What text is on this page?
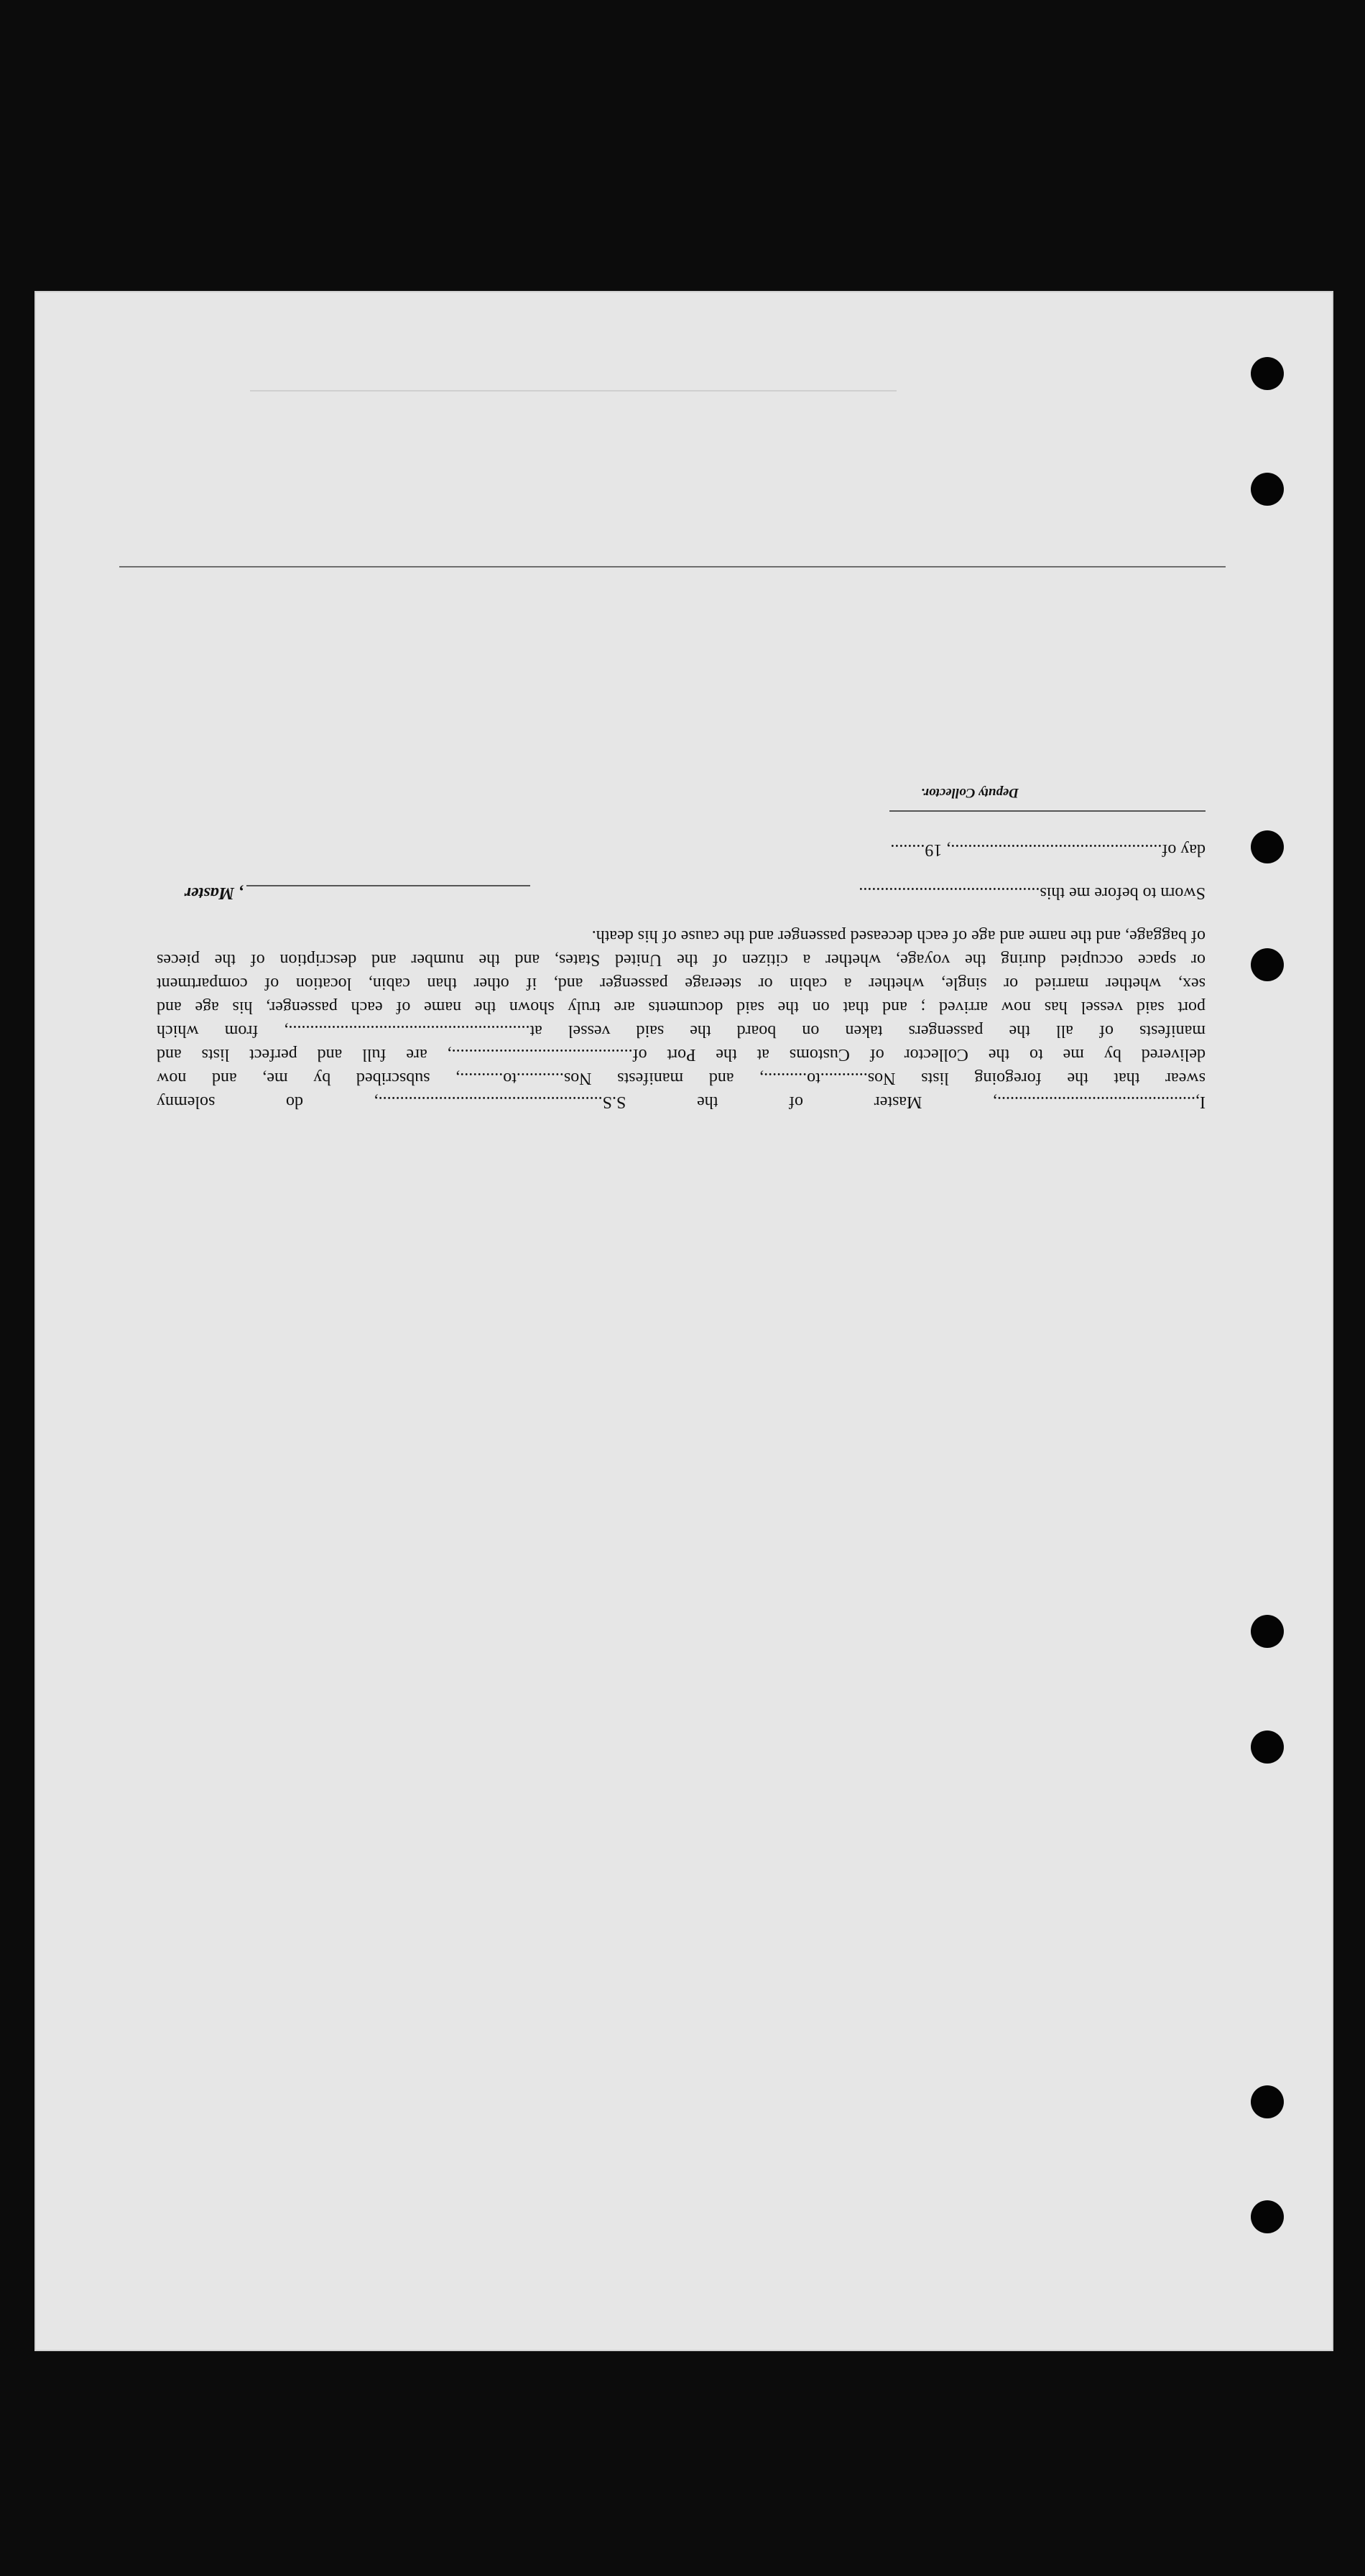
I,.............................................., Master of the S.S...................................................., do solemny

swear that the foregoing lists Nos...........to.........., and manifests Nos...........to.........., subscribed by me, and now

delivered by me to the Collector of Customs at the Port of.........................................., are full and perfect lists and

manifests of all the passengers taken on board the said vessel at........................................................, from which

port said vessel has now arrived ; and that on the said documents are truly shown the name of each passenger, his age and

sex, whether married or single, whether a cabin or steerage passenger and, if other than cabin, location of compartment

or space occupied during the voyage, whether a citizen of the United States, and the number and description of the pieces

of baggage, and the name and age of each deceased passenger and the cause of his death.

Sworn to before me this..........................................
, Master
day of................................................., 19........
Deputy Collector.
